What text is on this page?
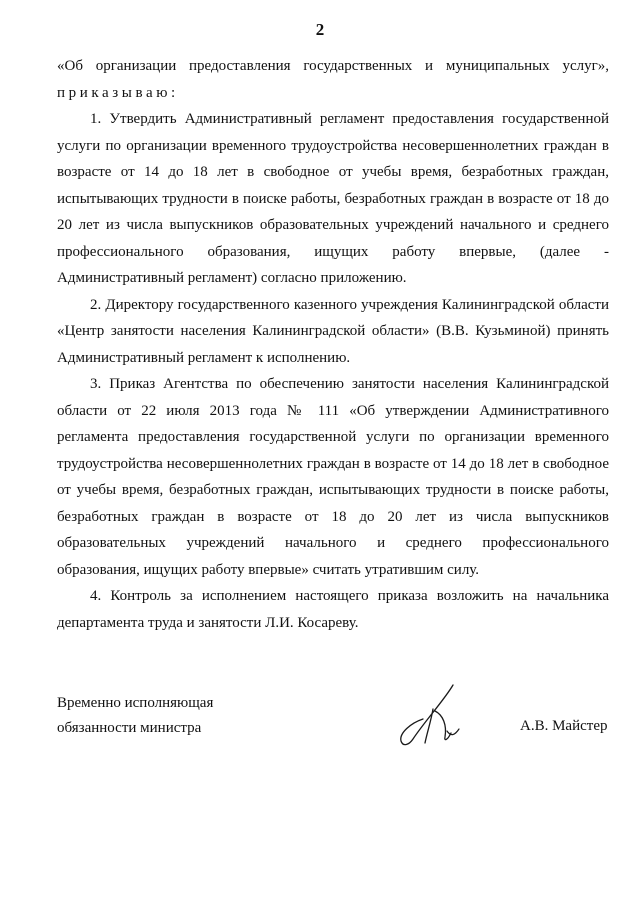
2

«Об организации предоставления государственных и муниципальных услуг»,

приказываю:

1. Утвердить Административный регламент предоставления государственной услуги по организации временного трудоустройства несовершеннолетних граждан в возрасте от 14 до 18 лет в свободное от учебы время, безработных граждан, испытывающих трудности в поиске работы, безработных граждан в возрасте от 18 до 20 лет из числа выпускников образовательных учреждений начального и среднего профессионального образования, ищущих работу впервые, (далее - Административный регламент) согласно приложению.

2. Директору государственного казенного учреждения Калининградской области «Центр занятости населения Калининградской области» (В.В. Кузьминой) принять Административный регламент к исполнению.

3. Приказ Агентства по обеспечению занятости населения Калининградской области от 22 июля 2013 года № 111 «Об утверждении Административного регламента предоставления государственной услуги по организации временного трудоустройства несовершеннолетних граждан в возрасте от 14 до 18 лет в свободное от учебы время, безработных граждан, испытывающих трудности в поиске работы, безработных граждан в возрасте от 18 до 20 лет из числа выпускников образовательных учреждений начального и среднего профессионального образования, ищущих работу впервые» считать утратившим силу.

4. Контроль за исполнением настоящего приказа возложить на начальника департамента труда и занятости Л.И. Косареву.

Временно исполняющая
обязанности министра	А.В. Майстер
